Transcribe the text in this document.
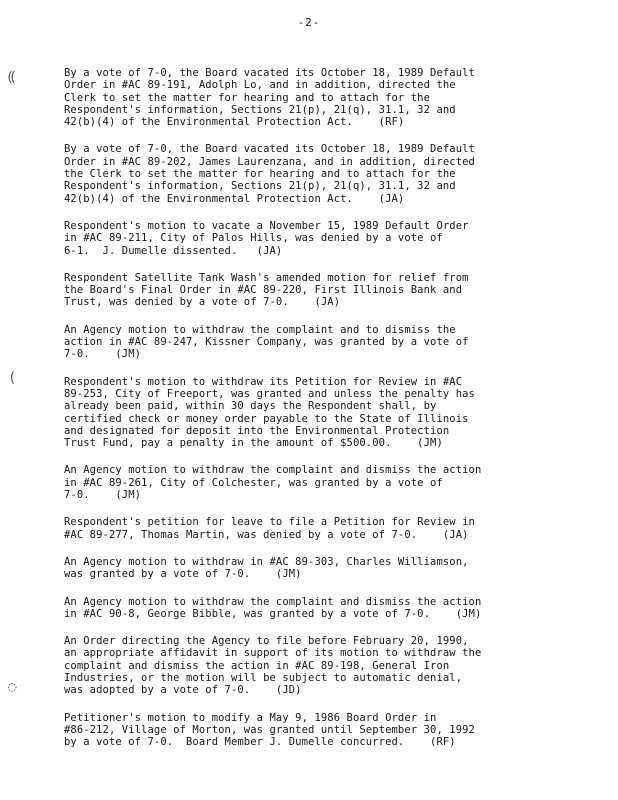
-2-
⸨
(
◌

By a vote of 7-0, the Board vacated its October 18, 1989 Default
Order in #AC 89-191, Adolph Lo, and in addition, directed the
Clerk to set the matter for hearing and to attach for the
Respondent's information, Sections 21(p), 21(q), 31.1, 32 and
42(b)(4) of the Environmental Protection Act.    (RF)

By a vote of 7-0, the Board vacated its October 18, 1989 Default
Order in #AC 89-202, James Laurenzana, and in addition, directed
the Clerk to set the matter for hearing and to attach for the
Respondent's information, Sections 21(p), 21(q), 31.1, 32 and
42(b)(4) of the Environmental Protection Act.    (JA)

Respondent's motion to vacate a November 15, 1989 Default Order
in #AC 89-211, City of Palos Hills, was denied by a vote of
6-1.  J. Dumelle dissented.   (JA)

Respondent Satellite Tank Wash's amended motion for relief from
the Board's Final Order in #AC 89-220, First Illinois Bank and
Trust, was denied by a vote of 7-0.    (JA)

An Agency motion to withdraw the complaint and to dismiss the
action in #AC 89-247, Kissner Company, was granted by a vote of
7-0.    (JM)

Respondent's motion to withdraw its Petition for Review in #AC
89-253, City of Freeport, was granted and unless the penalty has
already been paid, within 30 days the Respondent shall, by
certified check or money order payable to the State of Illinois
and designated for deposit into the Environmental Protection
Trust Fund, pay a penalty in the amount of $500.00.    (JM)

An Agency motion to withdraw the complaint and dismiss the action
in #AC 89-261, City of Colchester, was granted by a vote of
7-0.    (JM)

Respondent's petition for leave to file a Petition for Review in
#AC 89-277, Thomas Martin, was denied by a vote of 7-0.    (JA)

An Agency motion to withdraw in #AC 89-303, Charles Williamson,
was granted by a vote of 7-0.    (JM)

An Agency motion to withdraw the complaint and dismiss the action
in #AC 90-8, George Bibble, was granted by a vote of 7-0.    (JM)

An Order directing the Agency to file before February 20, 1990,
an appropriate affidavit in support of its motion to withdraw the
complaint and dismiss the action in #AC 89-198, General Iron
Industries, or the motion will be subject to automatic denial,
was adopted by a vote of 7-0.    (JD)

Petitioner's motion to modify a May 9, 1986 Board Order in
#86-212, Village of Morton, was granted until September 30, 1992
by a vote of 7-0.  Board Member J. Dumelle concurred.    (RF)
